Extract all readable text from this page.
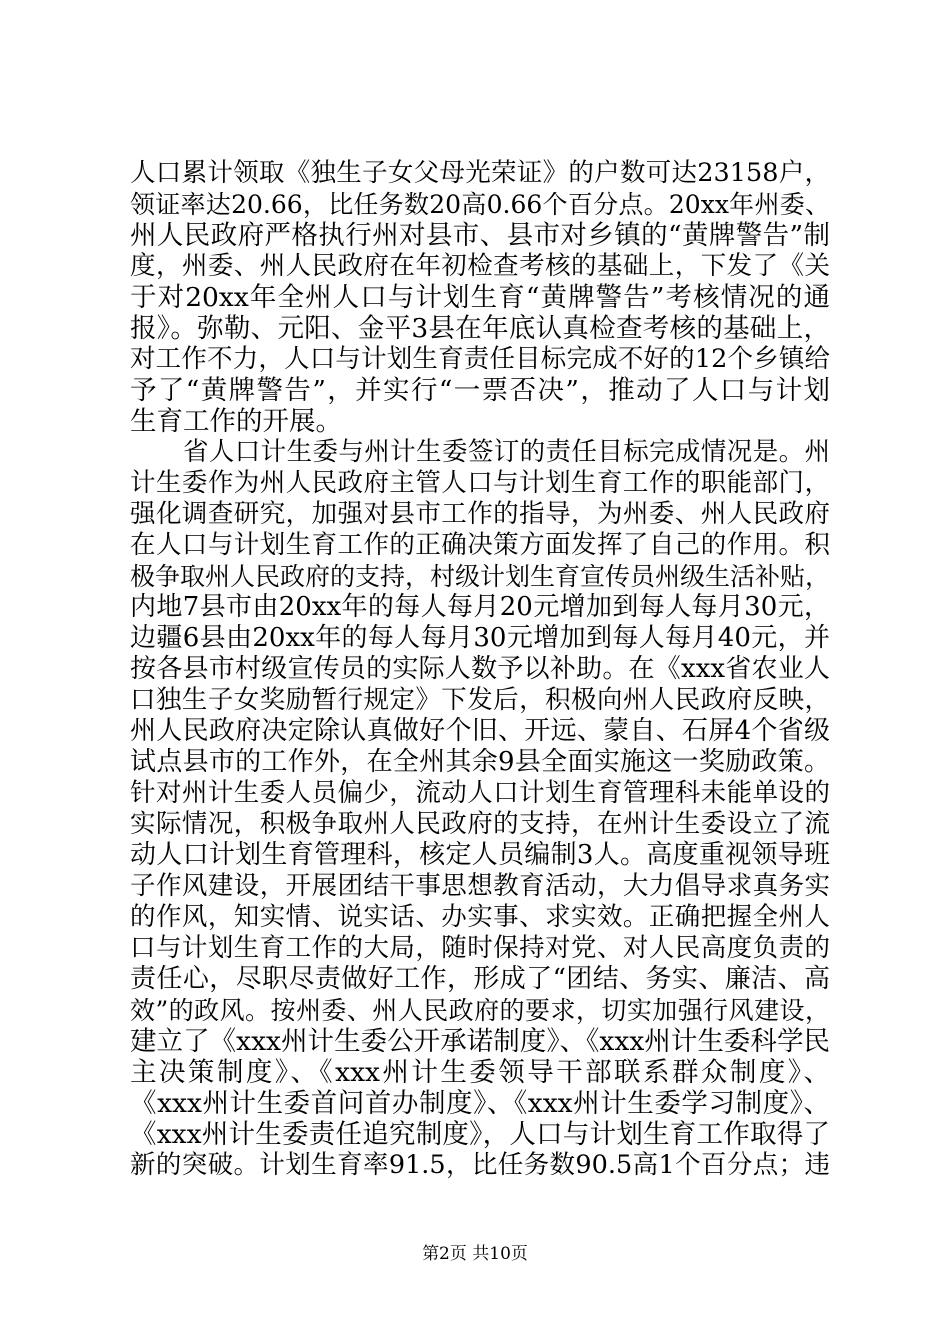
人口累计领取《独生子女父母光荣证》的户数可达23158户，
领证率达20.66，比任务数20高0.66个百分点。20xx年州委、
州人民政府严格执行州对县市、县市对乡镇的“黄牌警告”制
度，州委、州人民政府在年初检查考核的基础上，下发了《关
于对20xx年全州人口与计划生育“黄牌警告”考核情况的通
报》。弥勒、元阳、金平3县在年底认真检查考核的基础上，
对工作不力，人口与计划生育责任目标完成不好的12个乡镇给
予了“黄牌警告”，并实行“一票否决”，推动了人口与计划
生育工作的开展。
省人口计生委与州计生委签订的责任目标完成情况是。州
计生委作为州人民政府主管人口与计划生育工作的职能部门，
强化调查研究，加强对县市工作的指导，为州委、州人民政府
在人口与计划生育工作的正确决策方面发挥了自己的作用。积
极争取州人民政府的支持，村级计划生育宣传员州级生活补贴，
内地7县市由20xx年的每人每月20元增加到每人每月30元，
边疆6县由20xx年的每人每月30元增加到每人每月40元，并
按各县市村级宣传员的实际人数予以补助。在《xxx省农业人
口独生子女奖励暂行规定》下发后，积极向州人民政府反映，
州人民政府决定除认真做好个旧、开远、蒙自、石屏4个省级
试点县市的工作外，在全州其余9县全面实施这一奖励政策。
针对州计生委人员偏少，流动人口计划生育管理科未能单设的
实际情况，积极争取州人民政府的支持，在州计生委设立了流
动人口计划生育管理科，核定人员编制3人。高度重视领导班
子作风建设，开展团结干事思想教育活动，大力倡导求真务实
的作风，知实情、说实话、办实事、求实效。正确把握全州人
口与计划生育工作的大局，随时保持对党、对人民高度负责的
责任心，尽职尽责做好工作，形成了“团结、务实、廉洁、高
效”的政风。按州委、州人民政府的要求，切实加强行风建设，
建立了《xxx州计生委公开承诺制度》、《xxx州计生委科学民
主决策制度》、《xxx州计生委领导干部联系群众制度》、
《xxx州计生委首问首办制度》、《xxx州计生委学习制度》、
《xxx州计生委责任追究制度》，人口与计划生育工作取得了
新的突破。计划生育率91.5，比任务数90.5高1个百分点；违
第2页 共10页
